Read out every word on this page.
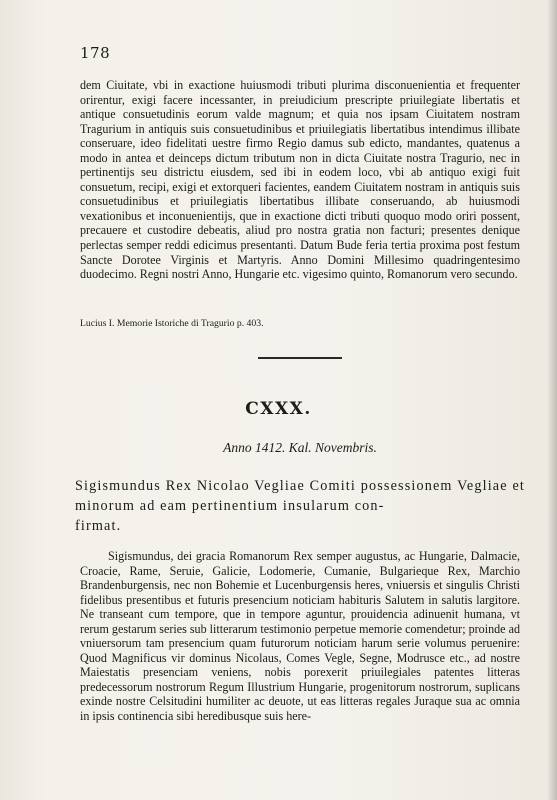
178
dem Ciuitate, vbi in exactione huiusmodi tributi plurima disconuenientia et frequenter orirentur, exigi facere incessanter, in preiudicium prescripte priuilegiate libertatis et antique consuetudinis eorum valde magnum; et quia nos ipsam Ciuitatem nostram Tragurium in antiquis suis consuetudinibus et priuilegiatis libertatibus intendimus illibate conseruare, ideo fidelitati uestre firmo Regio damus sub edicto, mandantes, quatenus a modo in antea et deinceps dictum tributum non in dicta Ciuitate nostra Tragurio, nec in pertinentijs seu districtu eiusdem, sed ibi in eodem loco, vbi ab antiquo exigi fuit consuetum, recipi, exigi et extorqueri facientes, eandem Ciuitatem nostram in antiquis suis consuetudinibus et priuilegiatis libertatibus illibate conseruando, ab huiusmodi vexationibus et inconuenientijs, que in exactione dicti tributi quoquo modo oriri possent, precauere et custodire debeatis, aliud pro nostra gratia non facturi; presentes denique perlectas semper reddi edicimus presentanti. Datum Bude feria tertia proxima post festum Sancte Dorotee Virginis et Martyris. Anno Domini Millesimo quadringentesimo duodecimo. Regni nostri Anno, Hungarie etc. vigesimo quinto, Romanorum vero secundo.
Lucius I. Memorie Istoriche di Tragurio p. 403.
CXXX.
Anno 1412. Kal. Novembris.
Sigismundus Rex Nicolao Vegliae Comiti possessionem Vegliae et minorum ad eam pertinentium insularum con-
firmat.
Sigismundus, dei gracia Romanorum Rex semper augustus, ac Hungarie, Dalmacie, Croacie, Rame, Seruie, Galicie, Lodomerie, Cumanie, Bulgarieque Rex, Marchio Brandenburgensis, nec non Bohemie et Lucenburgensis heres, vniuersis et singulis Christi fidelibus presentibus et futuris presencium noticiam habituris Salutem in salutis largitore. Ne transeant cum tempore, que in tempore aguntur, prouidencia adinuenit humana, vt rerum gestarum series sub litterarum testimonio perpetue memorie comendetur; proinde ad vniuersorum tam presencium quam futurorum noticiam harum serie volumus peruenire: Quod Magnificus vir dominus Nicolaus, Comes Vegle, Segne, Modrusce etc., ad nostre Maiestatis presenciam veniens, nobis porexerit priuilegiales patentes litteras predecessorum nostrorum Regum Illustrium Hungarie, progenitorum nostrorum, suplicans exinde nostre Celsitudini humiliter ac deuote, ut eas litteras regales Juraque sua ac omnia in ipsis continencia sibi heredibusque suis here-
